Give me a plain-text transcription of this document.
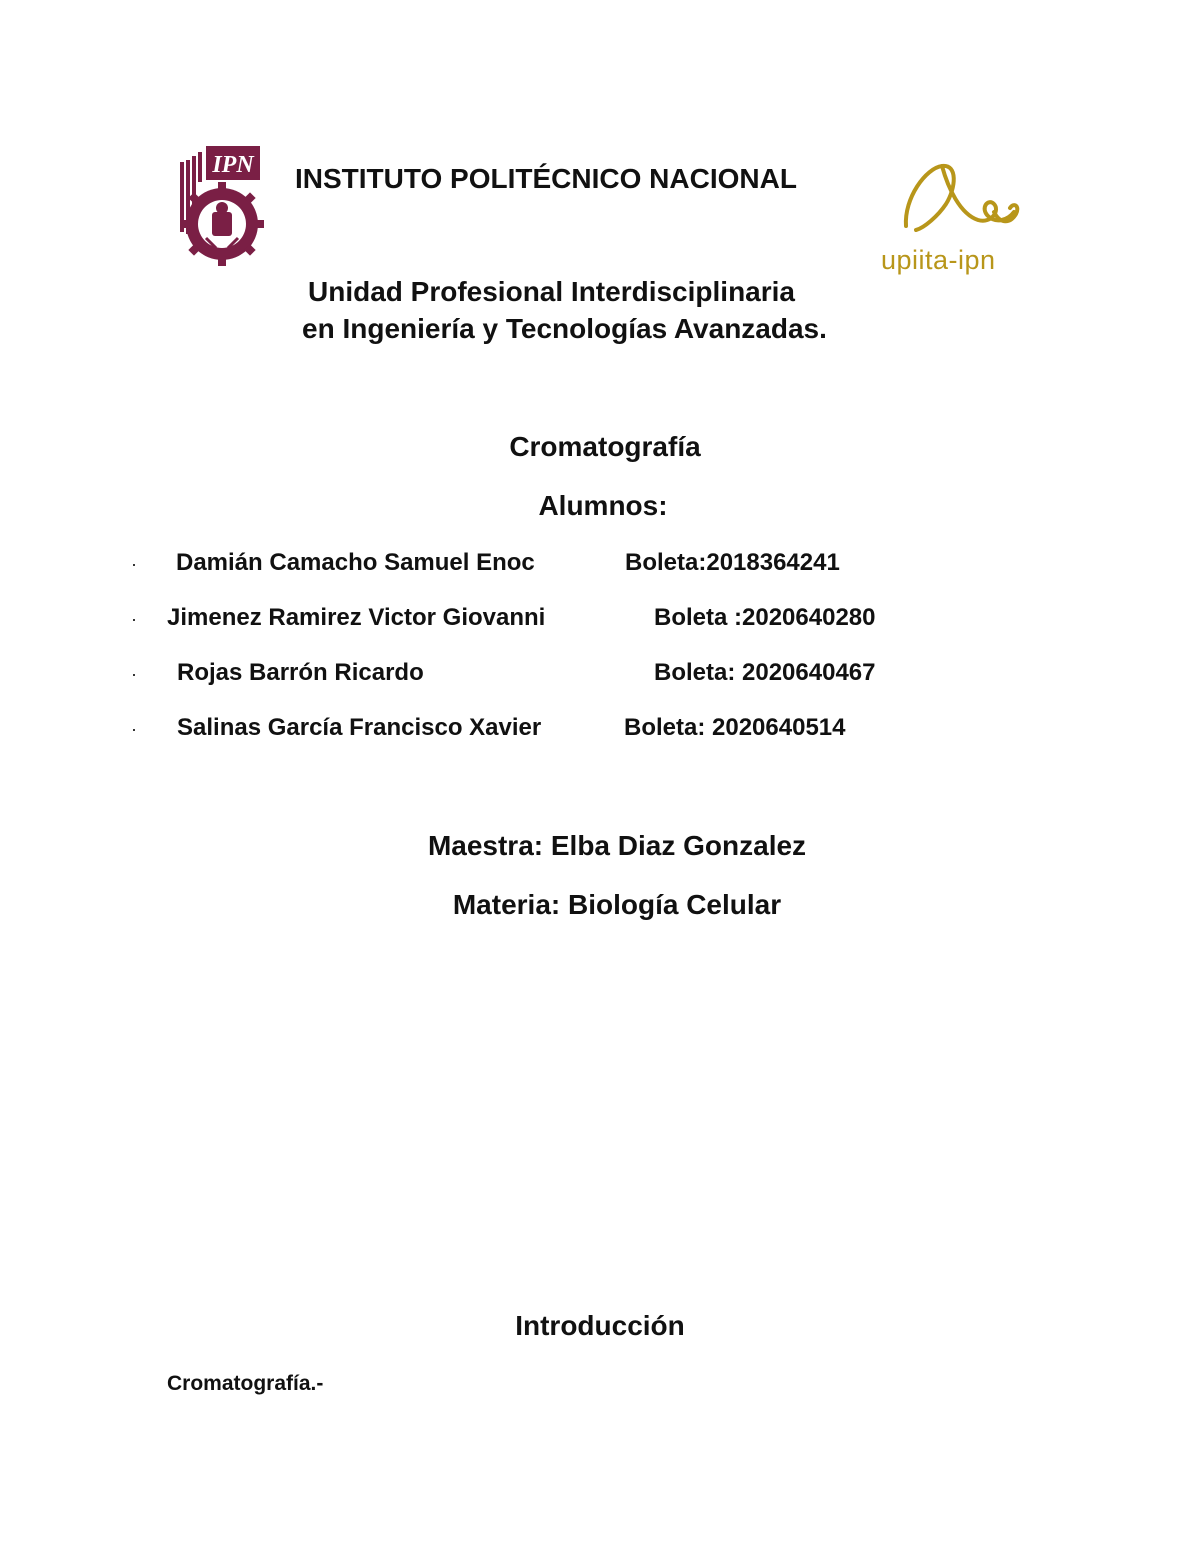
IPN
upiita-ipn
INSTITUTO POLITÉCNICO NACIONAL
Unidad Profesional Interdisciplinaria
en Ingeniería y Tecnologías Avanzadas.
Cromatografía
Alumnos:
· Damián Camacho Samuel Enoc	Boleta:2018364241
· Jimenez Ramirez Victor Giovanni	Boleta :2020640280
· Rojas Barrón Ricardo	Boleta: 2020640467
· Salinas García Francisco Xavier	Boleta: 2020640514
Maestra: Elba Diaz Gonzalez
Materia: Biología Celular
Introducción
Cromatografía.-
